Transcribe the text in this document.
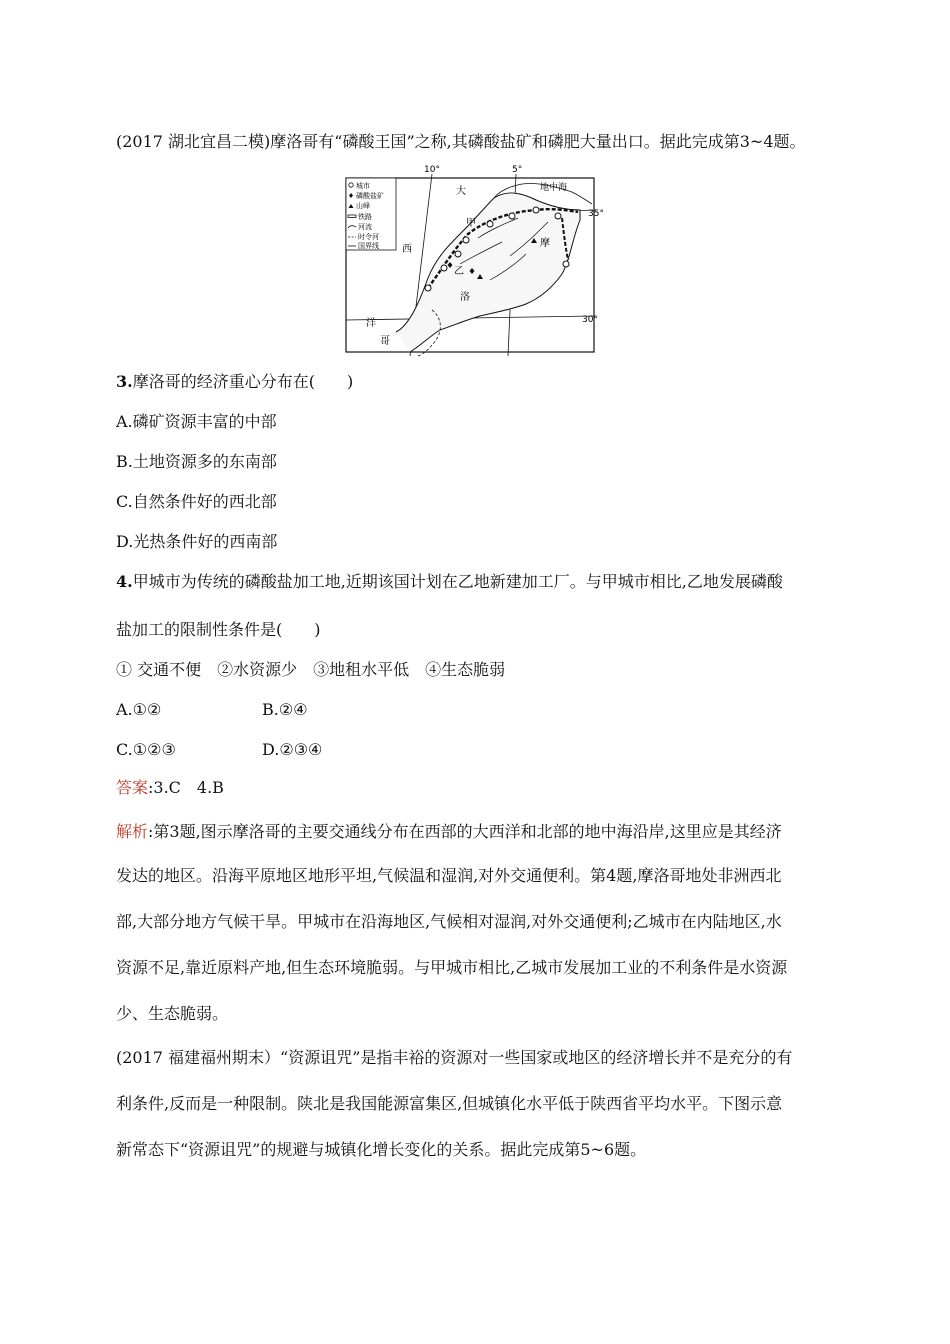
(2017 湖北宜昌二模)摩洛哥有“磷酸王国”之称,其磷酸盐矿和磷肥大量出口。据此完成第3~4题。
10°	5°
35°
30°
城市
磷酸盐矿
山峰
铁路
河流
时令河
国界线
大
西
洋
地中海
甲
乙
摩
洛
哥
3.摩洛哥的经济重心分布在(　　)
A.磷矿资源丰富的中部
B.土地资源多的东南部
C.自然条件好的西北部
D.光热条件好的西南部
4.甲城市为传统的磷酸盐加工地,近期该国计划在乙地新建加工厂。与甲城市相比,乙地发展磷酸
盐加工的限制性条件是(　　)
① 交通不便　②水资源少　③地租水平低　④生态脆弱
A.①②	B.②④
C.①②③	D.②③④
答案:3.C　4.B
解析:第3题,图示摩洛哥的主要交通线分布在西部的大西洋和北部的地中海沿岸,这里应是其经济
发达的地区。沿海平原地区地形平坦,气候温和湿润,对外交通便利。第4题,摩洛哥地处非洲西北
部,大部分地方气候干旱。甲城市在沿海地区,气候相对湿润,对外交通便利;乙城市在内陆地区,水
资源不足,靠近原料产地,但生态环境脆弱。与甲城市相比,乙城市发展加工业的不利条件是水资源
少、生态脆弱。
(2017 福建福州期末）“资源诅咒”是指丰裕的资源对一些国家或地区的经济增长并不是充分的有
利条件,反而是一种限制。陕北是我国能源富集区,但城镇化水平低于陕西省平均水平。下图示意
新常态下“资源诅咒”的规避与城镇化增长变化的关系。据此完成第5~6题。
